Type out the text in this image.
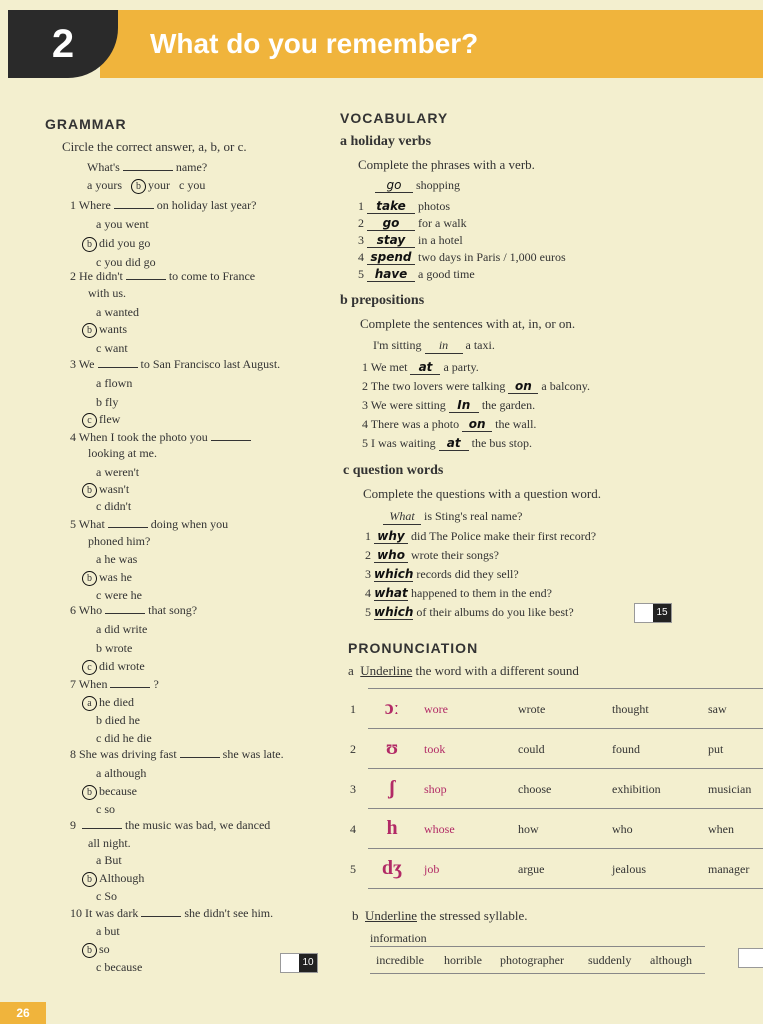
2	What do you remember?
GRAMMAR
Circle the correct answer, a, b, or c.
What's	name?
a yours b your c you
1 Where	on holiday last year?
a you went
b did you go
c you did go
2 He didn't	to come to France
with us.
a wanted
b wants
c want
3 We	to San Francisco last August.
a flown
b fly
c flew
4 When I took the photo you
looking at me.
a weren't
b wasn't
c didn't
5 What	doing when you
phoned him?
a he was
b was he
c were he
6 Who	that song?
a did write
b wrote
c did wrote
7 When	?
a he died
b died he
c did he die
8 She was driving fast	she was late.
a although
b because
c so
9	the music was bad, we danced
all night.
a But
b Although
c So
10 It was dark	she didn't see him.
a but
b so
c because	10
VOCABULARY
a holiday verbs
Complete the phrases with a verb.
go shopping
1 take photos
2 go for a walk
3 stay in a hotel
4 spend two days in Paris / 1,000 euros
5 have a good time
b prepositions
Complete the sentences with at, in, or on.
I'm sitting in a taxi.
1 We met at a party.
2 The two lovers were talking on a balcony.
3 We were sitting In the garden.
4 There was a photo on the wall.
5 I was waiting at the bus stop.
c question words
Complete the questions with a question word.
What is Sting's real name?
1 why did The Police make their first record?
2 who wrote their songs?
3 which records did they sell?
4 what happened to them in the end?
5 which of their albums do you like best?	15
PRONUNCIATION
a Underline the word with a different sound
1	ɔː	wore	wrote	thought	saw
2	ʊ	took	could	found	put
3	ʃ	shop	choose	exhibition	musician
4	h	whose	how	who	when
5	dʒ	job	argue	jealous	manager
b Underline the stressed syllable.
information
incredible horrible photographer suddenly although
26
